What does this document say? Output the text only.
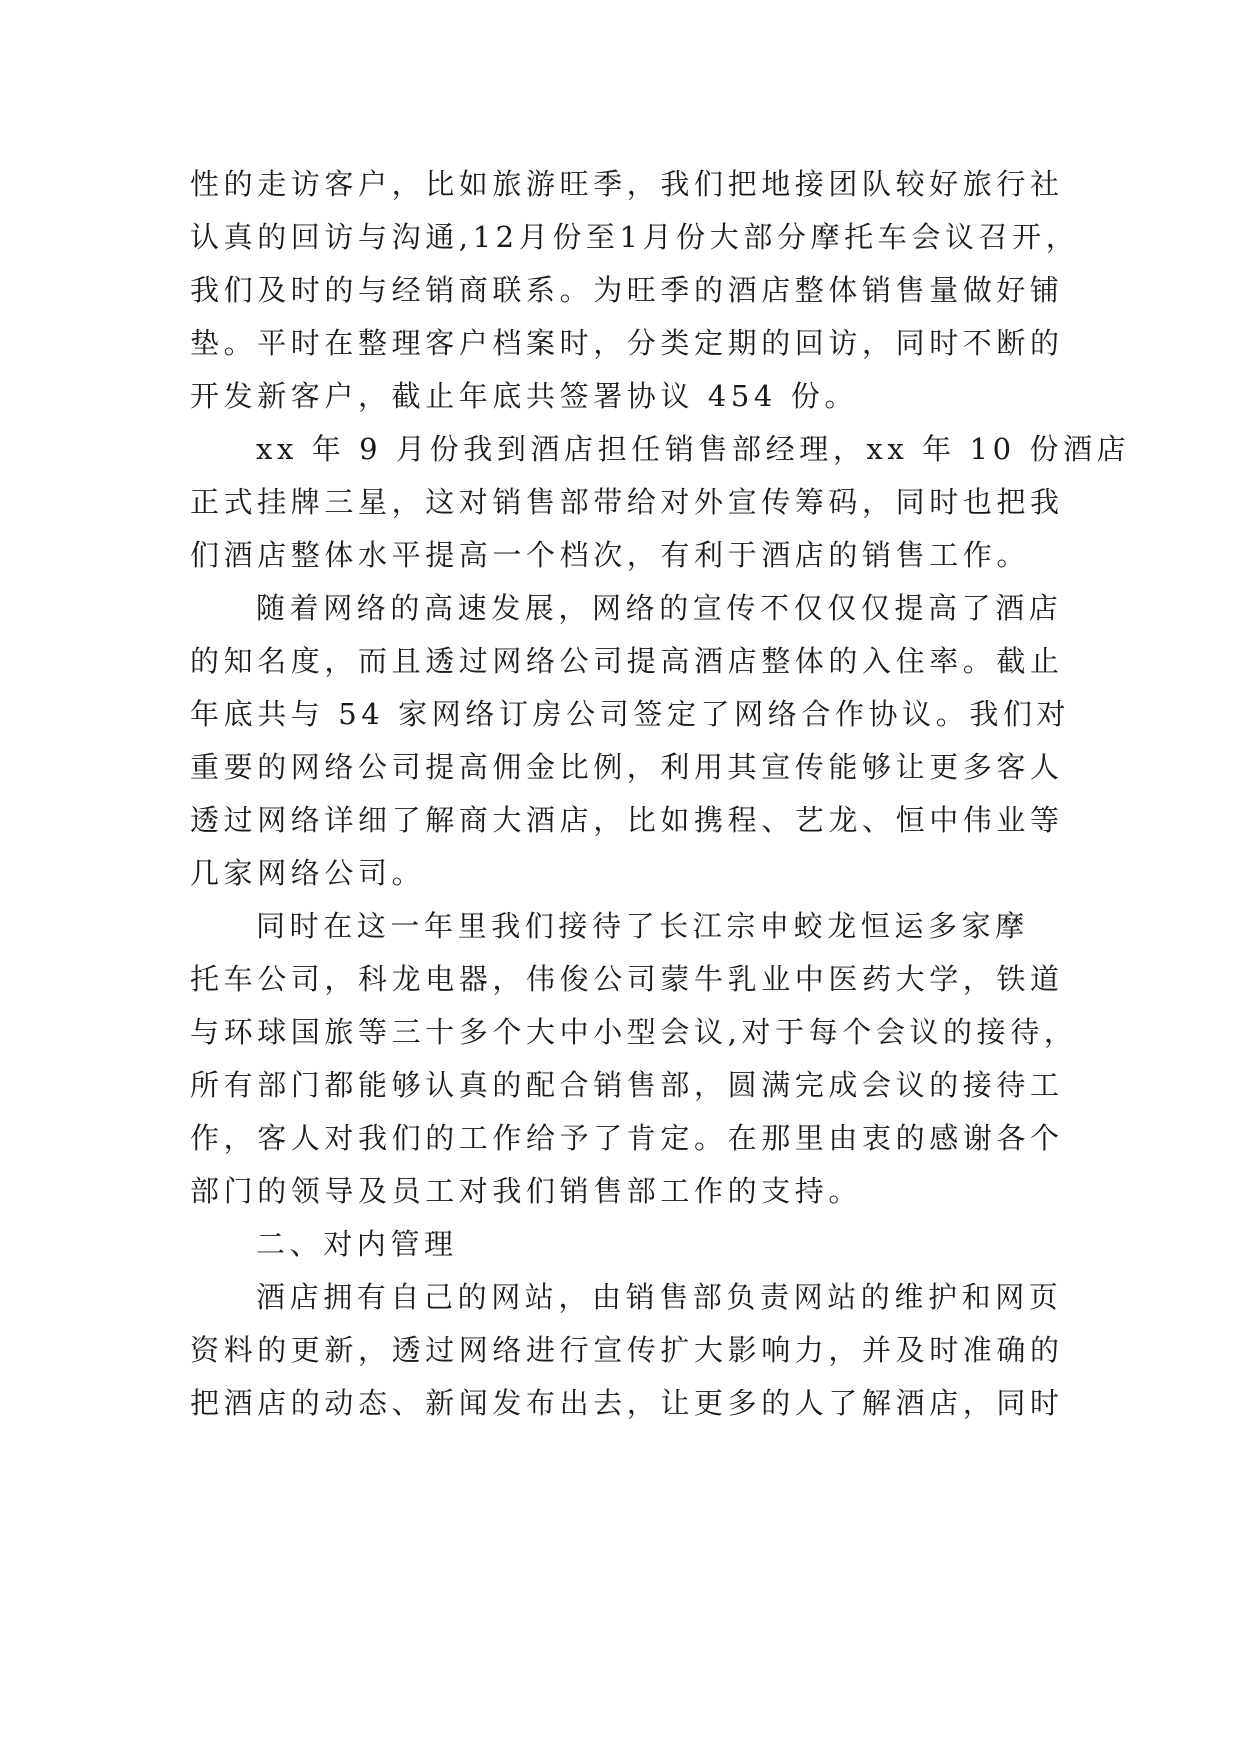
性的走访客户，比如旅游旺季，我们把地接团队较好旅行社
认真的回访与沟通,12月份至1月份大部分摩托车会议召开，
我们及时的与经销商联系。为旺季的酒店整体销售量做好铺
垫。平时在整理客户档案时，分类定期的回访，同时不断的
开发新客户，截止年底共签署协议 454 份。
xx 年 9 月份我到酒店担任销售部经理，xx 年 10 份酒店
正式挂牌三星，这对销售部带给对外宣传筹码，同时也把我
们酒店整体水平提高一个档次，有利于酒店的销售工作。
随着网络的高速发展，网络的宣传不仅仅仅提高了酒店
的知名度，而且透过网络公司提高酒店整体的入住率。截止
年底共与 54 家网络订房公司签定了网络合作协议。我们对
重要的网络公司提高佣金比例，利用其宣传能够让更多客人
透过网络详细了解商大酒店，比如携程、艺龙、恒中伟业等
几家网络公司。
同时在这一年里我们接待了长江宗申蛟龙恒运多家摩
托车公司，科龙电器，伟俊公司蒙牛乳业中医药大学，铁道
与环球国旅等三十多个大中小型会议,对于每个会议的接待，
所有部门都能够认真的配合销售部，圆满完成会议的接待工
作，客人对我们的工作给予了肯定。在那里由衷的感谢各个
部门的领导及员工对我们销售部工作的支持。
二、对内管理
酒店拥有自己的网站，由销售部负责网站的维护和网页
资料的更新，透过网络进行宣传扩大影响力，并及时准确的
把酒店的动态、新闻发布出去，让更多的人了解酒店，同时
